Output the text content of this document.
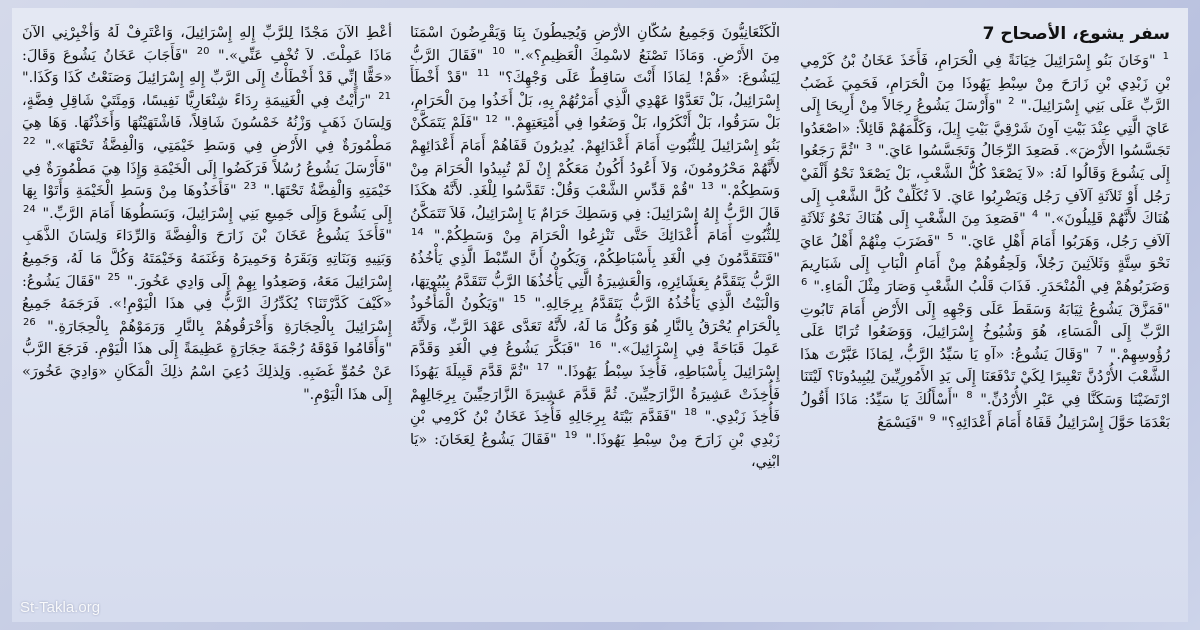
سفر يشوع، الأصحاح 7
$^1$ "وَخَانَ بَنُو إِسْرَائِيلَ خِيَانَةً فِي الْحَرَامِ، فَأَخَذَ عَخَانُ بْنُ كَرْمِي بْنِ زَبْدِي بْنِ زَارَحَ مِنْ سِبْطِ يَهُوذَا مِنَ الْحَرَامِ، فَحَمِيَ غَضَبُ الرَّبِّ عَلَى بَنِي إِسْرَائِيلَ." $^2$ "وَأَرْسَلَ يَشُوعُ رِجَالاً مِنْ أَرِيحَا إِلَى عَايَ الَّتِي عِنْدَ بَيْتِ آوِنَ شَرْقِيَّ بَيْتِ إِيلَ، وَكَلَّمَهُمْ قَائِلاً: «اصْعَدُوا تَجَسَّسُوا الأَرْضَ». فَصَعِدَ الرِّجَالُ وَتَجَسَّسُوا عَايَ." $^3$ "ثُمَّ رَجَعُوا إِلَى يَشُوعَ وَقَالُوا لَهُ: «لاَ يَصْعَدْ كُلُّ الشَّعْبِ، بَلْ يَصْعَدْ نَحْوُ أَلْفَيْ رَجُل أَوْ ثَلاَثَةِ آلاَفِ رَجُل وَيَضْرِبُوا عَايَ. لاَ تُكَلِّفْ كُلَّ الشَّعْبِ إِلَى هُنَاكَ لأَنَّهُمْ قَلِيلُونَ»." $^4$ "فَصَعِدَ مِنَ الشَّعْبِ إِلَى هُنَاكَ نَحْوُ ثَلاَثَةِ آلاَفِ رَجُل، وَهَرَبُوا أَمَامَ أَهْلِ عَايَ." $^5$ "فَضَرَبَ مِنْهُمْ أَهْلُ عَايَ نَحْوَ سِتَّةٍ وَثَلاَثِينَ رَجُلاً، وَلَحِقُوهُمْ مِنْ أَمَامِ الْبَابِ إِلَى شَبَارِيمَ وَضَرَبُوهُمْ فِي الْمُنْحَدَرِ. فَذَابَ قَلْبُ الشَّعْبِ وَصَارَ مِثْلَ الْمَاءِ." $^6$ "فَمَزَّقَ يَشُوعُ ثِيَابَهُ وَسَقَطَ عَلَى وَجْهِهِ إِلَى الأَرْضِ أَمَامَ تَابُوتِ الرَّبِّ إِلَى الْمَسَاءِ، هُوَ وَشُيُوخُ إِسْرَائِيلَ، وَوَضَعُوا تُرَابًا عَلَى رُؤُوسِهِمْ." $^7$ "وَقَالَ يَشُوعُ: «آهِ يَا سَيِّدُ الرَّبُّ، لِمَاذَا عَبَّرْتَ هذَا الشَّعْبَ الأُرْدُنَّ تَعْبِيرًا لِكَيْ تَدْفَعَنَا إِلَى يَدِ الأَمُورِيِّينَ لِيُبِيدُونَا؟ لَيْتَنَا ارْتَضَيْنَا وَسَكَنَّا فِي عَبْرِ الأُرْدُنِّ." $^8$ "أَسْأَلُكَ يَا سَيِّدُ: مَاذَا أَقُولُ بَعْدَمَا حَوَّلَ إِسْرَائِيلُ قَفَاهُ أَمَامَ أَعْدَائِهِ؟" $^9$ "فَيَسْمَعُ
الْكَنْعَانِيُّونَ وَجَمِيعُ سُكَّانِ الأَرْضِ وَيُحِيطُونَ بِنَا وَيَقْرِضُونَ اسْمَنَا مِنَ الأَرْضِ. وَمَاذَا تَصْنَعُ لاسْمِكَ الْعَظِيمِ؟»." $^{10}$ "فَقَالَ الرَّبُّ لِيَشُوعَ: «قُمْ! لِمَاذَا أَنْتَ سَاقِطٌ عَلَى وَجْهِكَ؟" $^{11}$ "قَدْ أَخْطَأَ إِسْرَائِيلُ، بَلْ تَعَدَّوْا عَهْدِي الَّذِي أَمَرْتُهُمْ بِهِ، بَلْ أَخَذُوا مِنَ الْحَرَامِ، بَلْ سَرَقُوا، بَلْ أَنْكَرُوا، بَلْ وَضَعُوا فِي أَمْتِعَتِهِمْ." $^{12}$ "فَلَمْ يَتَمَكَّنْ بَنُو إِسْرَائِيلَ لِلثُّبُوتِ أَمَامَ أَعْدَائِهِمْ. يُدِيرُونَ قَفَاهُمْ أَمَامَ أَعْدَائِهِمْ لأَنَّهُمْ مَحْرُومُونَ، وَلاَ أَعُودُ أَكُونُ مَعَكُمْ إِنْ لَمْ تُبِيدُوا الْحَرَامَ مِنْ وَسَطِكُمْ." $^{13}$ "قُمْ قَدِّسِ الشَّعْبَ وَقُلْ: تَقَدَّسُوا لِلْغَدِ. لأَنَّهُ هكَذَا قَالَ الرَّبُّ إِلهُ إِسْرَائِيلَ: فِي وَسَطِكَ حَرَامٌ يَا إِسْرَائِيلُ، فَلاَ تَتَمَكَّنُ لِلثُّبُوتِ أَمَامَ أَعْدَائِكَ حَتَّى تَنْزِعُوا الْحَرَامَ مِنْ وَسَطِكُمْ." $^{14}$ "فَتَتَقَدَّمُونَ فِي الْغَدِ بِأَسْبَاطِكُمْ، وَيَكُونُ أَنَّ السِّبْطَ الَّذِي يَأْخُذُهُ الرَّبُّ يَتَقَدَّمُ بِعَشَائِرِهِ، وَالْعَشِيرَةُ الَّتِي يَأْخُذُهَا الرَّبُّ تَتَقَدَّمُ بِبُيُوتِهَا، وَالْبَيْتُ الَّذِي يَأْخُذُهُ الرَّبُّ يَتَقَدَّمُ بِرِجَالِهِ." $^{15}$ "وَيَكُونُ الْمَأْخُوذُ بِالْحَرَامِ يُحْرَقُ بِالنَّارِ هُوَ وَكُلُّ مَا لَهُ، لأَنَّهُ تَعَدَّى عَهْدَ الرَّبِّ، وَلأَنَّهُ عَمِلَ قَبَاحَةً فِي إِسْرَائِيلَ»." $^{16}$ "فَبَكَّرَ يَشُوعُ فِي الْغَدِ وَقَدَّمَ إِسْرَائِيلَ بِأَسْبَاطِهِ، فَأُخِذَ سِبْطُ يَهُوذَا." $^{17}$ "ثُمَّ قَدَّمَ قَبِيلَةَ يَهُوذَا فَأُخِذَتْ عَشِيرَةُ الزَّارَحِيِّينَ. ثُمَّ قَدَّمَ عَشِيرَةَ الزَّارَحِيِّينَ بِرِجَالِهِمْ فَأُخِذَ زَبْدِي." $^{18}$ "فَقَدَّمَ بَيْتَهُ بِرِجَالِهِ فَأُخِذَ عَخَانُ بْنُ كَرْمِي بْنِ زَبْدِي بْنِ زَارَحَ مِنْ سِبْطِ يَهُوذَا." $^{19}$ "فَقَالَ يَشُوعُ لِعَخَانَ: «يَا ابْنِي،
أَعْطِ الآنَ مَجْدًا لِلرَّبِّ إِلهِ إِسْرَائِيلَ، وَاعْتَرِفْ لَهُ وَأَخْبِرْنِي الآنَ مَاذَا عَمِلْتَ. لاَ تُخْفِ عَنِّي»." $^{20}$ "فَأَجَابَ عَخَانُ يَشُوعَ وَقَالَ: «حَقًّا إِنِّي قَدْ أَخْطَأْتُ إِلَى الرَّبِّ إِلهِ إِسْرَائِيلَ وَصَنَعْتُ كَذَا وَكَذَا." $^{21}$ "رَأَيْتُ فِي الْغَنِيمَةِ رِدَاءً شِنْعَارِيًّا نَفِيسًا، وَمِئَتَيْ شَاقِلِ فِضَّةٍ، وَلِسَانَ ذَهَبٍ وَزْنُهُ خَمْسُونَ شَاقِلاً، فَاشْتَهَيْتُهَا وَأَخَذْتُهَا. وَهَا هِيَ مَطْمُورَةٌ فِي الأَرْضِ فِي وَسَطِ خَيْمَتِي، وَالْفِضَّةُ تَحْتَهَا»." $^{22}$ "فَأَرْسَلَ يَشُوعُ رُسُلاً فَرَكَضُوا إِلَى الْخَيْمَةِ وَإِذَا هِيَ مَطْمُورَةٌ فِي خَيْمَتِهِ وَالْفِضَّةُ تَحْتَهَا." $^{23}$ "فَأَخَذُوهَا مِنْ وَسَطِ الْخَيْمَةِ وَأَتَوْا بِهَا إِلَى يَشُوعَ وَإِلَى جَمِيعِ بَنِي إِسْرَائِيلَ، وَبَسَطُوهَا أَمَامَ الرَّبِّ." $^{24}$ "فَأَخَذَ يَشُوعُ عَخَانَ بْنَ زَارَحَ وَالْفِضَّةَ وَالرِّدَاءَ وَلِسَانَ الذَّهَبِ وَبَنِيهِ وَبَنَاتِهِ وَبَقَرَهُ وَحَمِيرَهُ وَغَنَمَهُ وَخَيْمَتَهُ وَكُلَّ مَا لَهُ، وَجَمِيعُ إِسْرَائِيلَ مَعَهُ، وَصَعِدُوا بِهِمْ إِلَى وَادِي عَخُورَ." $^{25}$ "فَقَالَ يَشُوعُ: «كَيْفَ كَدَّرْتَنَا؟ يُكَدِّرُكَ الرَّبُّ فِي هذَا الْيَوْمِ!». فَرَجَمَهُ جَمِيعُ إِسْرَائِيلَ بِالْحِجَارَةِ وَأَحْرَقُوهُمْ بِالنَّارِ وَرَمَوْهُمْ بِالْحِجَارَةِ." $^{26}$ "وَأَقَامُوا فَوْقَهُ رُجْمَةَ حِجَارَةٍ عَظِيمَةً إِلَى هذَا الْيَوْمِ. فَرَجَعَ الرَّبُّ عَنْ حُمُوِّ غَضَبِهِ. وَلِذلِكَ دُعِيَ اسْمُ ذلِكَ الْمَكَانِ «وَادِيَ عَخُورَ» إِلَى هذَا الْيَوْمِ."
St-Takla.org
